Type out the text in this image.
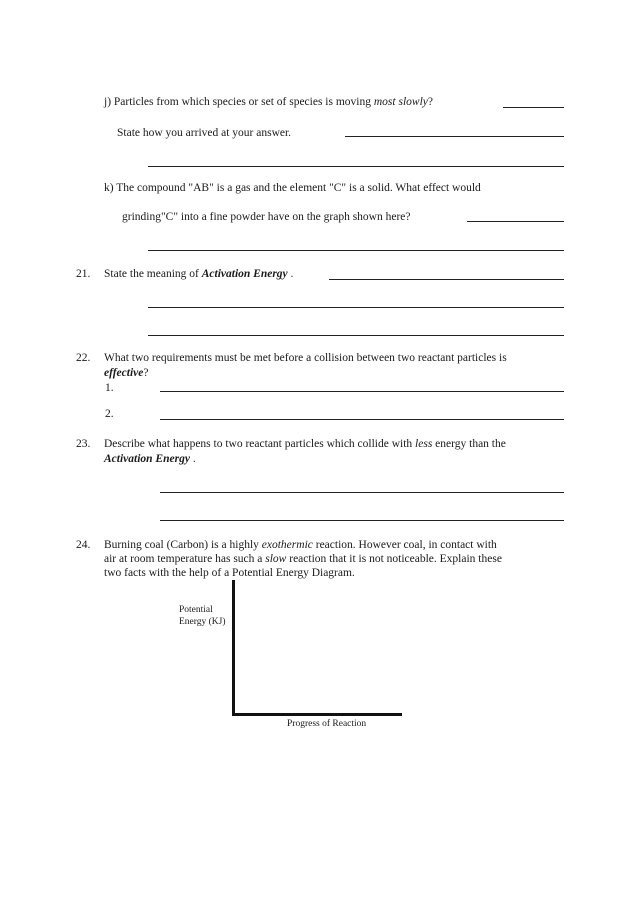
j) Particles from which species or set of species is moving most slowly?
State how you arrived at your answer.
k) The compound "AB" is a gas and the element "C" is a solid. What effect would
grinding"C" into a fine powder have on the graph shown here?
21. State the meaning of Activation Energy .
22. What two requirements must be met before a collision between two reactant particles is
effective?
1.
2.
23. Describe what happens to two reactant particles which collide with less energy than the
Activation Energy .
24. Burning coal (Carbon) is a highly exothermic reaction. However coal, in contact with
air at room temperature has such a slow reaction that it is not noticeable. Explain these
two facts with the help of a Potential Energy Diagram.
Potential
Energy (KJ)
Progress of Reaction
